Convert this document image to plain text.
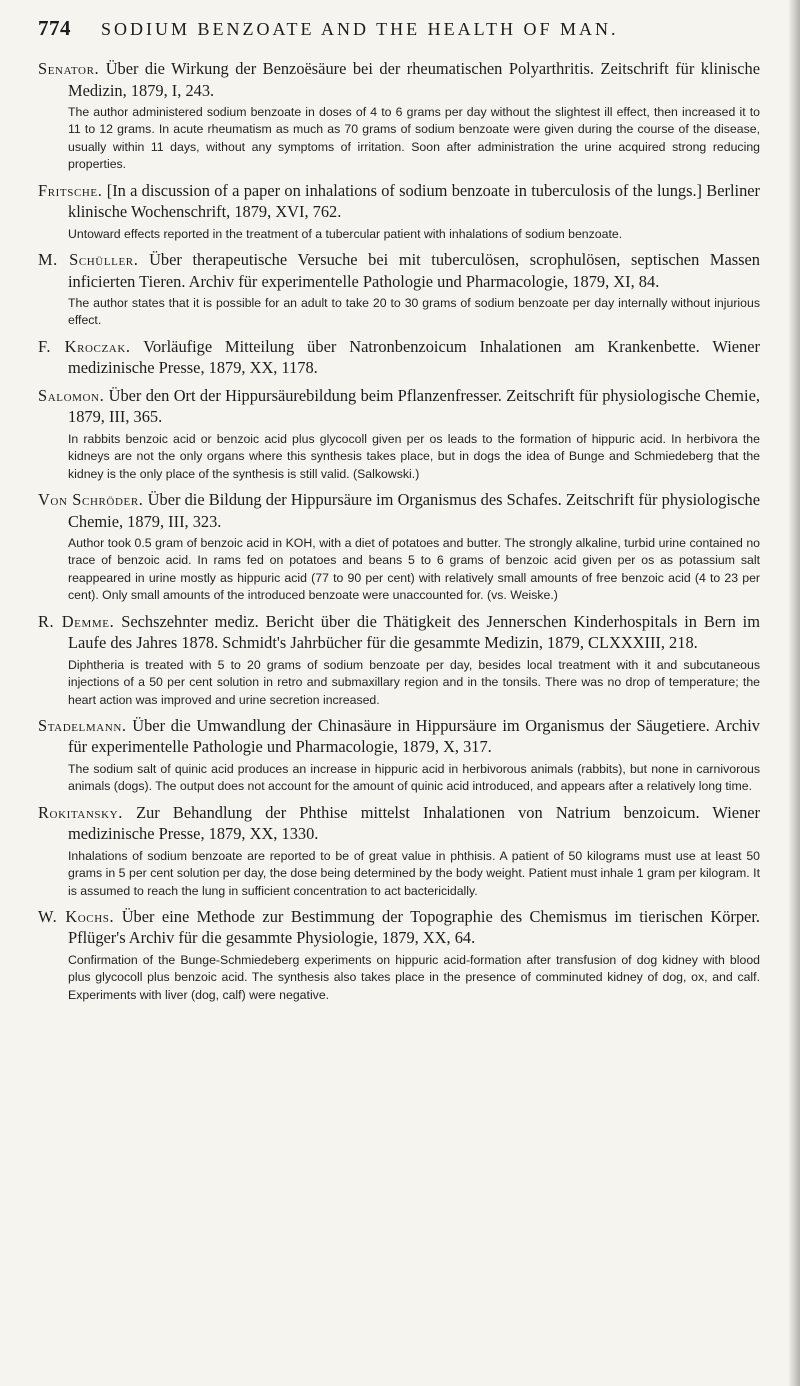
774 SODIUM BENZOATE AND THE HEALTH OF MAN.

Senator. Über die Wirkung der Benzoësäure bei der rheumatischen Polyarthritis. Zeitschrift für klinische Medizin, 1879, I, 243.

The author administered sodium benzoate in doses of 4 to 6 grams per day without the slightest ill effect, then increased it to 11 to 12 grams. In acute rheumatism as much as 70 grams of sodium benzoate were given during the course of the disease, usually within 11 days, without any symptoms of irritation. Soon after administration the urine acquired strong reducing properties.

Fritsche. [In a discussion of a paper on inhalations of sodium benzoate in tuberculosis of the lungs.] Berliner klinische Wochenschrift, 1879, XVI, 762.

Untoward effects reported in the treatment of a tubercular patient with inhalations of sodium benzoate.

M. Schüller. Über therapeutische Versuche bei mit tuberculösen, scrophulösen, septischen Massen inficierten Tieren. Archiv für experimentelle Pathologie und Pharmacologie, 1879, XI, 84.

The author states that it is possible for an adult to take 20 to 30 grams of sodium benzoate per day internally without injurious effect.

F. Kroczak. Vorläufige Mitteilung über Natronbenzoicum Inhalationen am Krankenbette. Wiener medizinische Presse, 1879, XX, 1178.

Salomon. Über den Ort der Hippursäurebildung beim Pflanzenfresser. Zeitschrift für physiologische Chemie, 1879, III, 365.

In rabbits benzoic acid or benzoic acid plus glycocoll given per os leads to the formation of hippuric acid. In herbivora the kidneys are not the only organs where this synthesis takes place, but in dogs the idea of Bunge and Schmiedeberg that the kidney is the only place of the synthesis is still valid. (Salkowski.)

Von Schröder. Über die Bildung der Hippursäure im Organismus des Schafes. Zeitschrift für physiologische Chemie, 1879, III, 323.

Author took 0.5 gram of benzoic acid in KOH, with a diet of potatoes and butter. The strongly alkaline, turbid urine contained no trace of benzoic acid. In rams fed on potatoes and beans 5 to 6 grams of benzoic acid given per os as potassium salt reappeared in urine mostly as hippuric acid (77 to 90 per cent) with relatively small amounts of free benzoic acid (4 to 23 per cent). Only small amounts of the introduced benzoate were unaccounted for. (vs. Weiske.)

R. Demme. Sechszehnter mediz. Bericht über die Thätigkeit des Jennerschen Kinderhospitals in Bern im Laufe des Jahres 1878. Schmidt's Jahrbücher für die gesammte Medizin, 1879, CLXXXIII, 218.

Diphtheria is treated with 5 to 20 grams of sodium benzoate per day, besides local treatment with it and subcutaneous injections of a 50 per cent solution in retro and submaxillary region and in the tonsils. There was no drop of temperature; the heart action was improved and urine secretion increased.

Stadelmann. Über die Umwandlung der Chinasäure in Hippursäure im Organismus der Säugetiere. Archiv für experimentelle Pathologie und Pharmacologie, 1879, X, 317.

The sodium salt of quinic acid produces an increase in hippuric acid in herbivorous animals (rabbits), but none in carnivorous animals (dogs). The output does not account for the amount of quinic acid introduced, and appears after a relatively long time.

Rokitansky. Zur Behandlung der Phthise mittelst Inhalationen von Natrium benzoicum. Wiener medizinische Presse, 1879, XX, 1330.

Inhalations of sodium benzoate are reported to be of great value in phthisis. A patient of 50 kilograms must use at least 50 grams in 5 per cent solution per day, the dose being determined by the body weight. Patient must inhale 1 gram per kilogram. It is assumed to reach the lung in sufficient concentration to act bactericidally.

W. Kochs. Über eine Methode zur Bestimmung der Topographie des Chemismus im tierischen Körper. Pflüger's Archiv für die gesammte Physiologie, 1879, XX, 64.

Confirmation of the Bunge-Schmiedeberg experiments on hippuric acid-formation after transfusion of dog kidney with blood plus glycocoll plus benzoic acid. The synthesis also takes place in the presence of comminuted kidney of dog, ox, and calf. Experiments with liver (dog, calf) were negative.
